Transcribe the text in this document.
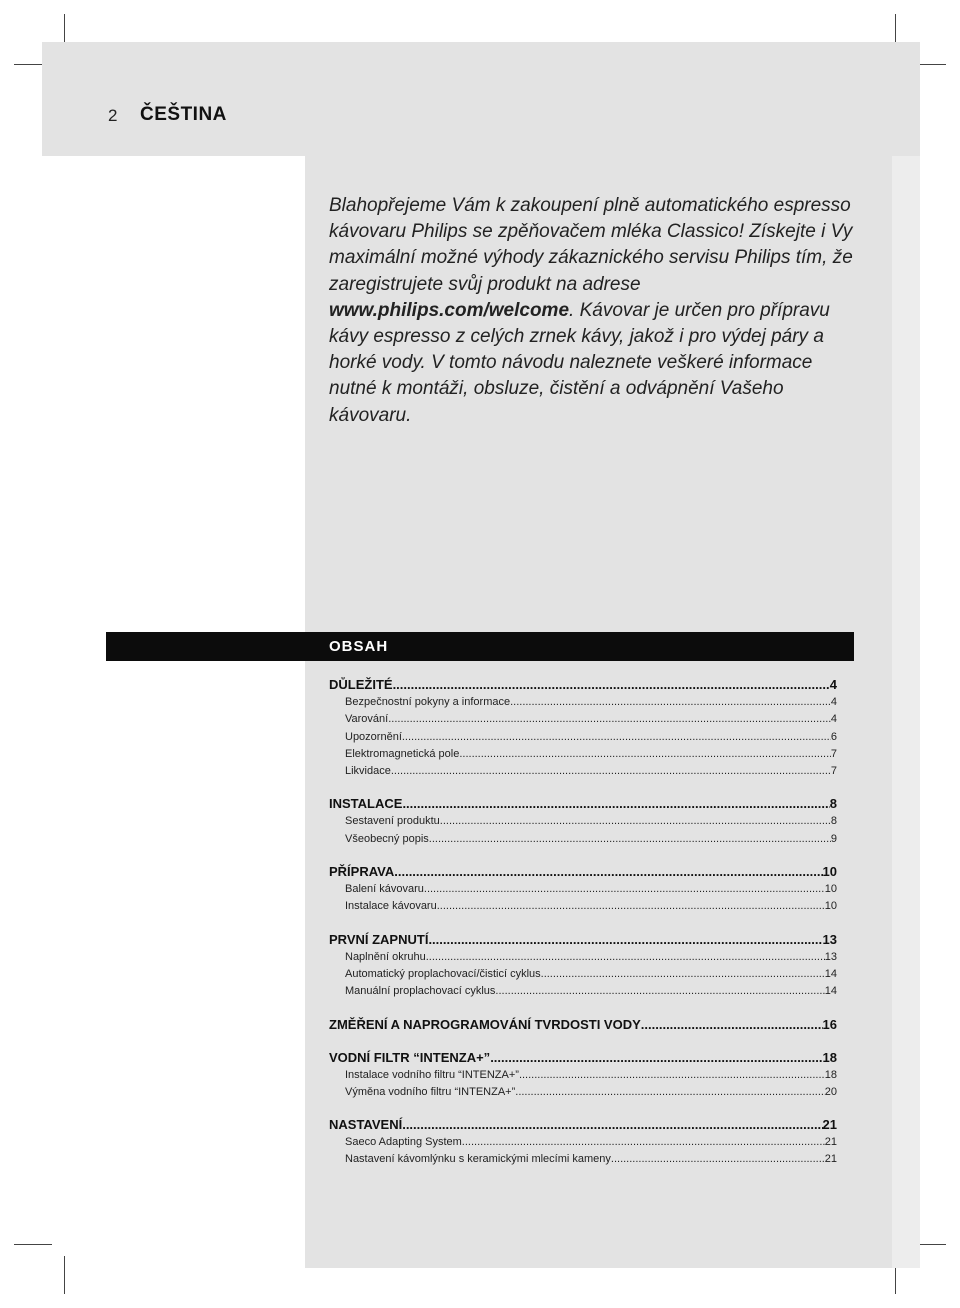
2 ČEŠTINA

Blahopřejeme Vám k zakoupení plně automatického espresso kávovaru Philips se zpěňovačem mléka Classico! Získejte i Vy maximální možné výhody zákaznického servisu Philips tím, že zaregistrujete svůj produkt na adrese www.philips.com/welcome. Kávovar je určen pro přípravu kávy espresso z celých zrnek kávy, jakož i pro výdej páry a horké vody. V tomto návodu naleznete veškeré informace nutné k montáži, obsluze, čistění a odvápnění Vašeho kávovaru.

OBSAH
DŮLEŽITÉ .....	4
Bezpečnostní pokyny a informace .....	4
Varování .....	4
Upozornění .....	6
Elektromagnetická pole .....	7
Likvidace .....	7
INSTALACE .....	8
Sestavení produktu .....	8
Všeobecný popis .....	9
PŘÍPRAVA .....	10
Balení kávovaru .....	10
Instalace kávovaru .....	10
PRVNÍ ZAPNUTÍ .....	13
Naplnění okruhu .....	13
Automatický proplachovací/čisticí cyklus .....	14
Manuální proplachovací cyklus .....	14
ZMĚŘENÍ A NAPROGRAMOVÁNÍ TVRDOSTI VODY .....	16
VODNÍ FILTR “INTENZA+” .....	18
Instalace vodního filtru “INTENZA+” .....	18
Výměna vodního filtru “INTENZA+” .....	20
NASTAVENÍ .....	21
Saeco Adapting System .....	21
Nastavení kávomlýnku s keramickými mlecími kameny .....	21
